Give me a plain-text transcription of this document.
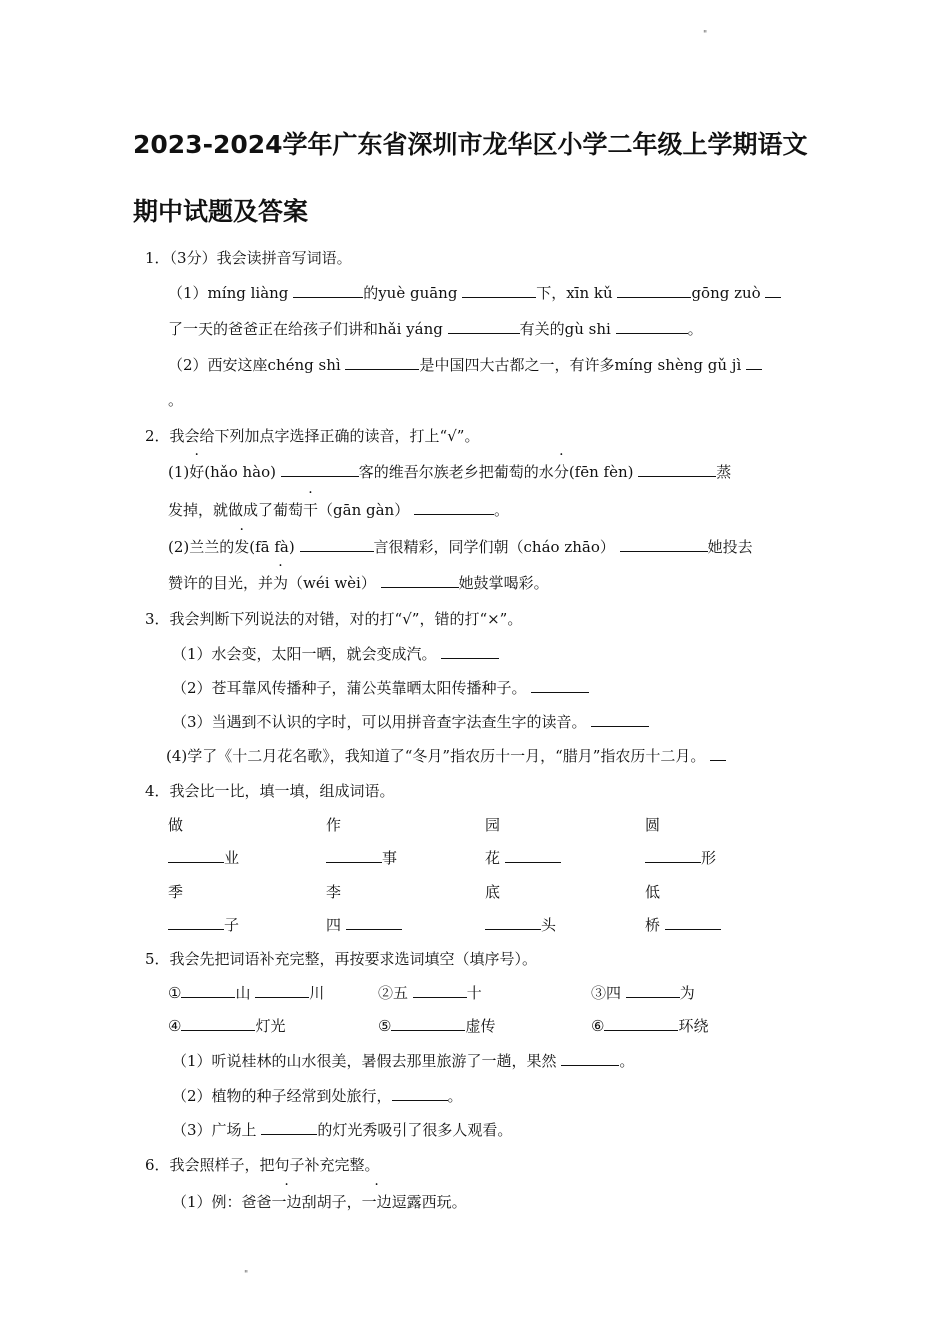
"
2023-2024学年广东省深圳市龙华区小学二年级上学期语文
期中试题及答案
1．（3分）我会读拼音写词语。
（1）míng liàng	的yuè guāng	下，xīn kǔ	gōng zuò
了一天的爸爸正在给孩子们讲和hǎi yáng	有关的gù shi	。
（2）西安这座chéng shì	是中国四大古都之一，有许多míng shèng gǔ jì
。
2．我会给下列加点字选择正确的读音，打上“√”。
(1)好(hǎo hào)	客的维吾尔族老乡把葡萄的水分(fēn fèn)	蒸
发掉，就做成了葡萄干（gān gàn）	。
(2)兰兰的发(fā fà)	言很精彩，同学们朝（cháo zhāo）	她投去
赞许的目光，并为（wéi wèi）	她鼓掌喝彩。
3．我会判断下列说法的对错，对的打“√”，错的打“×”。
（1）水会变，太阳一晒，就会变成汽。
（2）苍耳靠风传播种子，蒲公英靠晒太阳传播种子。
（3）当遇到不认识的字时，可以用拼音查字法查生字的读音。
(4)学了《十二月花名歌》，我知道了“冬月”指农历十一月，“腊月”指农历十二月。
4．我会比一比，填一填，组成词语。
做	作	园	圆
业	事	花	形
季	李	底	低
子	四	头	桥
5．我会先把词语补充完整，再按要求选词填空（填序号）。
①	山	川	②五	十	③四	为
④	灯光	⑤	虚传	⑥	环绕
（1）听说桂林的山水很美，暑假去那里旅游了一趟，果然	。
（2）植物的种子经常到处旅行，	。
（3）广场上	的灯光秀吸引了很多人观看。
6．我会照样子，把句子补充完整。
（1）例：爸爸一边刮胡子，一边逗露西玩。
"
